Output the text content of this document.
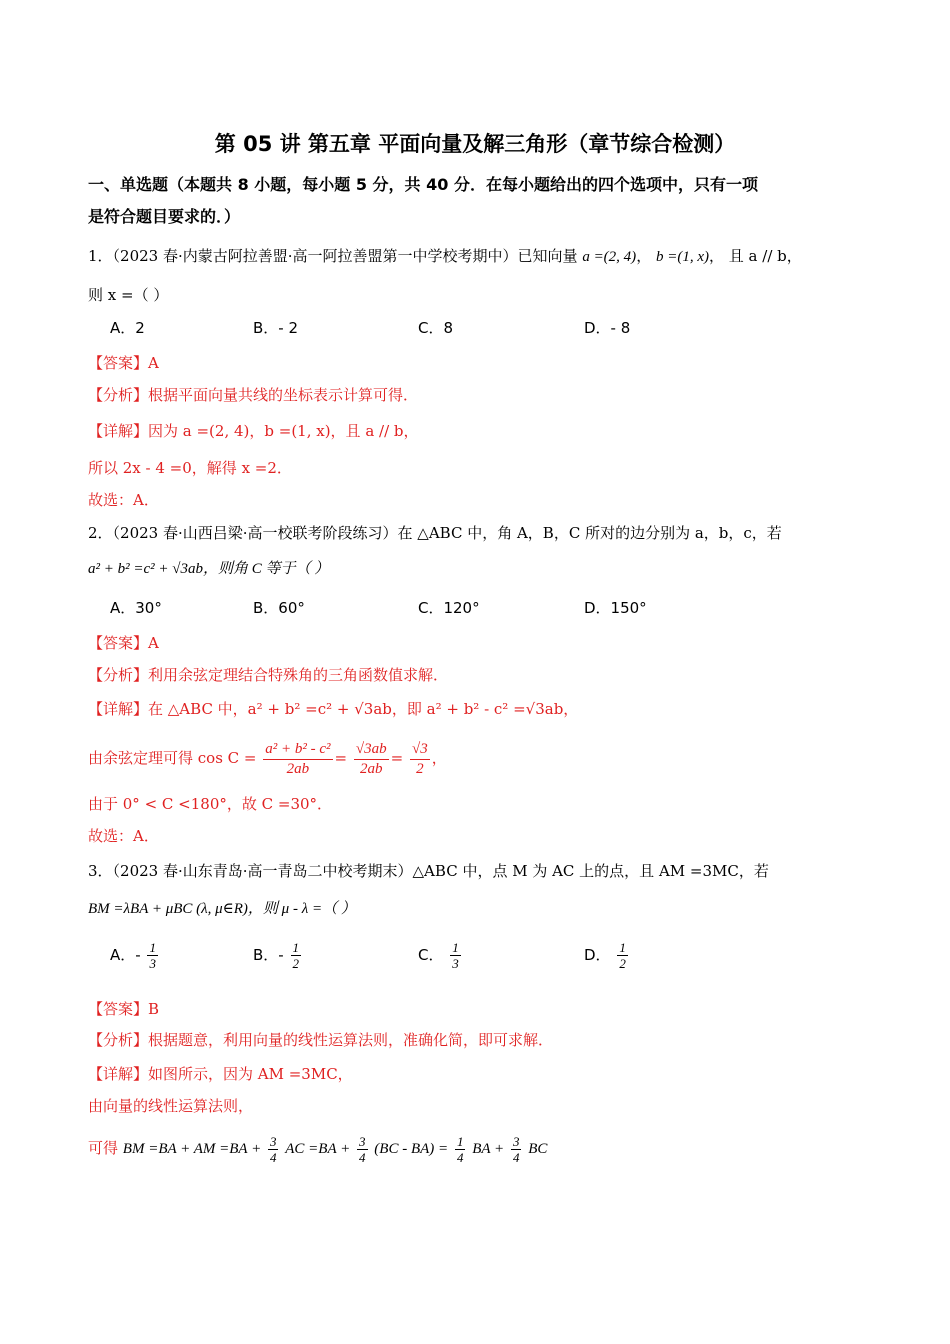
第 05 讲 第五章 平面向量及解三角形（章节综合检测）
一、单选题（本题共 8 小题，每小题 5 分，共 40 分．在每小题给出的四个选项中，只有一项
是符合题目要求的．）
1．（2023 春·内蒙古阿拉善盟·高一阿拉善盟第一中学校考期中）已知向量 a =(2, 4)， b =(1, x)， 且 a // b，
则 x =（ ）
A．2	B．- 2	C．8	D．- 8
【答案】A
【分析】根据平面向量共线的坐标表示计算可得．
【详解】因为 a =(2, 4)，b =(1, x)，且 a // b，
所以 2x - 4 =0，解得 x =2．
故选：A．
2．（2023 春·山西吕梁·高一校联考阶段练习）在 △ABC 中，角 A，B，C 所对的边分别为 a，b，c，若
a² + b² =c² + √3ab，则角 C 等于（ ）
A．30°	B．60°	C．120°	D．150°
【答案】A
【分析】利用余弦定理结合特殊角的三角函数值求解．
【详解】在 △ABC 中，a² + b² =c² + √3ab，即 a² + b² - c² =√3ab，
由余弦定理可得 $\cos C = \frac{\text{a² + b² - c²}}{2ab} = \frac{√3ab}{2ab} = \frac{√3}{2}$ ，
由于 0° < C <180°，故 C =30°．
故选：A．
3．（2023 春·山东青岛·高一青岛二中校考期末）△ABC 中，点 M 为 AC 上的点，且 AM =3MC，若
BM =λBA + μBC (λ, μ∈R)，则 μ - λ =（ ）
A．- $\frac{1}{3}$	B．- $\frac{1}{2}$	C． $\frac{1}{3}$	D． $\frac{1}{2}$
【答案】B
【分析】根据题意，利用向量的线性运算法则，准确化简，即可求解．
【详解】如图所示，因为 AM =3MC，
由向量的线性运算法则，
可得 BM =BA + AM $=BA + \frac{3}{4}$ AC $=BA + \frac{3}{4} (BC - BA) = \frac{1}{4}$ BA + $\frac{3}{4}$ BC
